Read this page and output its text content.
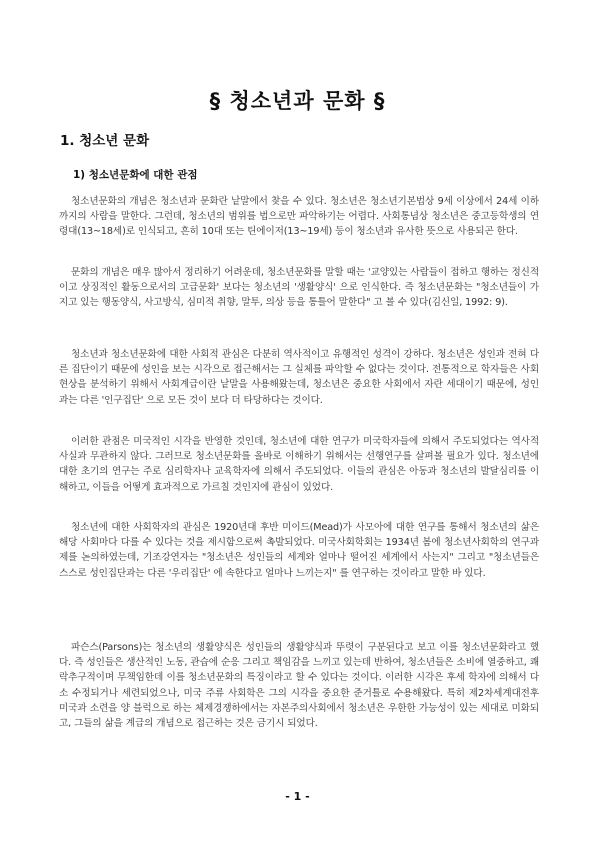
§ 청소년과 문화 §
1. 청소년 문화
1) 청소년문화에 대한 관점

청소년문화의 개념은 청소년과 문화란 낱말에서 찾을 수 있다. 청소년은 청소년기본법상 9세 이상에서 24세 이하까지의 사람을 말한다. 그런데, 청소년의 범위를 법으로만 파악하기는 어렵다. 사회통념상 청소년은 중고등학생의 연령대(13~18세)로 인식되고, 흔히 10대 또는 틴에이저(13~19세) 등이 청소년과 유사한 뜻으로 사용되곤 한다.

문화의 개념은 매우 많아서 정리하기 어려운데, 청소년문화를 말할 때는 '교양있는 사람들이 접하고 행하는 정신적이고 상징적인 활동으로서의 고급문화' 보다는 청소년의 '생활양식' 으로 인식한다. 즉 청소년문화는 "청소년들이 가지고 있는 행동양식, 사고방식, 심미적 취향, 말투, 의상 등을 통틀어 말한다" 고 볼 수 있다(김신일, 1992: 9).

청소년과 청소년문화에 대한 사회적 관심은 다분히 역사적이고 유행적인 성격이 강하다. 청소년은 성인과 전혀 다른 집단이기 때문에 성인을 보는 시각으로 접근해서는 그 실체를 파악할 수 없다는 것이다. 전통적으로 학자들은 사회현상을 분석하기 위해서 사회계급이란 낱말을 사용해왔는데, 청소년은 중요한 사회에서 자란 세대이기 때문에, 성인과는 다른 '인구집단' 으로 모든 것이 보다 더 타당하다는 것이다.

이러한 관점은 미국적인 시각을 반영한 것인데, 청소년에 대한 연구가 미국학자들에 의해서 주도되었다는 역사적 사실과 무관하지 않다. 그러므로 청소년문화를 올바로 이해하기 위해서는 선행연구를 살펴볼 필요가 있다. 청소년에 대한 초기의 연구는 주로 심리학자나 교육학자에 의해서 주도되었다. 이들의 관심은 아동과 청소년의 발달심리를 이해하고, 이들을 어떻게 효과적으로 가르칠 것인지에 관심이 있었다.

청소년에 대한 사회학자의 관심은 1920년대 후반 미이드(Mead)가 사모아에 대한 연구를 통해서 청소년의 삶은 해당 사회마다 다를 수 있다는 것을 제시함으로써 촉발되었다. 미국사회학회는 1934년 봄에 청소년사회학의 연구과제를 논의하였는데, 기조강연자는 "청소년은 성인들의 세계와 얼마나 떨어진 세계에서 사는지" 그리고 "청소년들은 스스로 성인집단과는 다른 '우리집단' 에 속한다고 얼마나 느끼는지" 를 연구하는 것이라고 말한 바 있다.

파슨스(Parsons)는 청소년의 생활양식은 성인들의 생활양식과 뚜렷이 구분된다고 보고 이를 청소년문화라고 했다. 즉 성인들은 생산적인 노동, 관습에 순응 그리고 책임감을 느끼고 있는데 반하여, 청소년들은 소비에 열중하고, 쾌락추구적이며 무책임한데 이를 청소년문화의 특징이라고 할 수 있다는 것이다. 이러한 시각은 후세 학자에 의해서 다소 수정되거나 세련되었으나, 미국 주류 사회학은 그의 시각을 중요한 준거틀로 수용해왔다. 특히 제2차세계대전후 미국과 소련을 양 블럭으로 하는 체제경쟁하에서는 자본주의사회에서 청소년은 우한한 가능성이 있는 세대로 미화되고, 그들의 삶을 계급의 개념으로 접근하는 것은 금기시 되었다.

- 1 -
